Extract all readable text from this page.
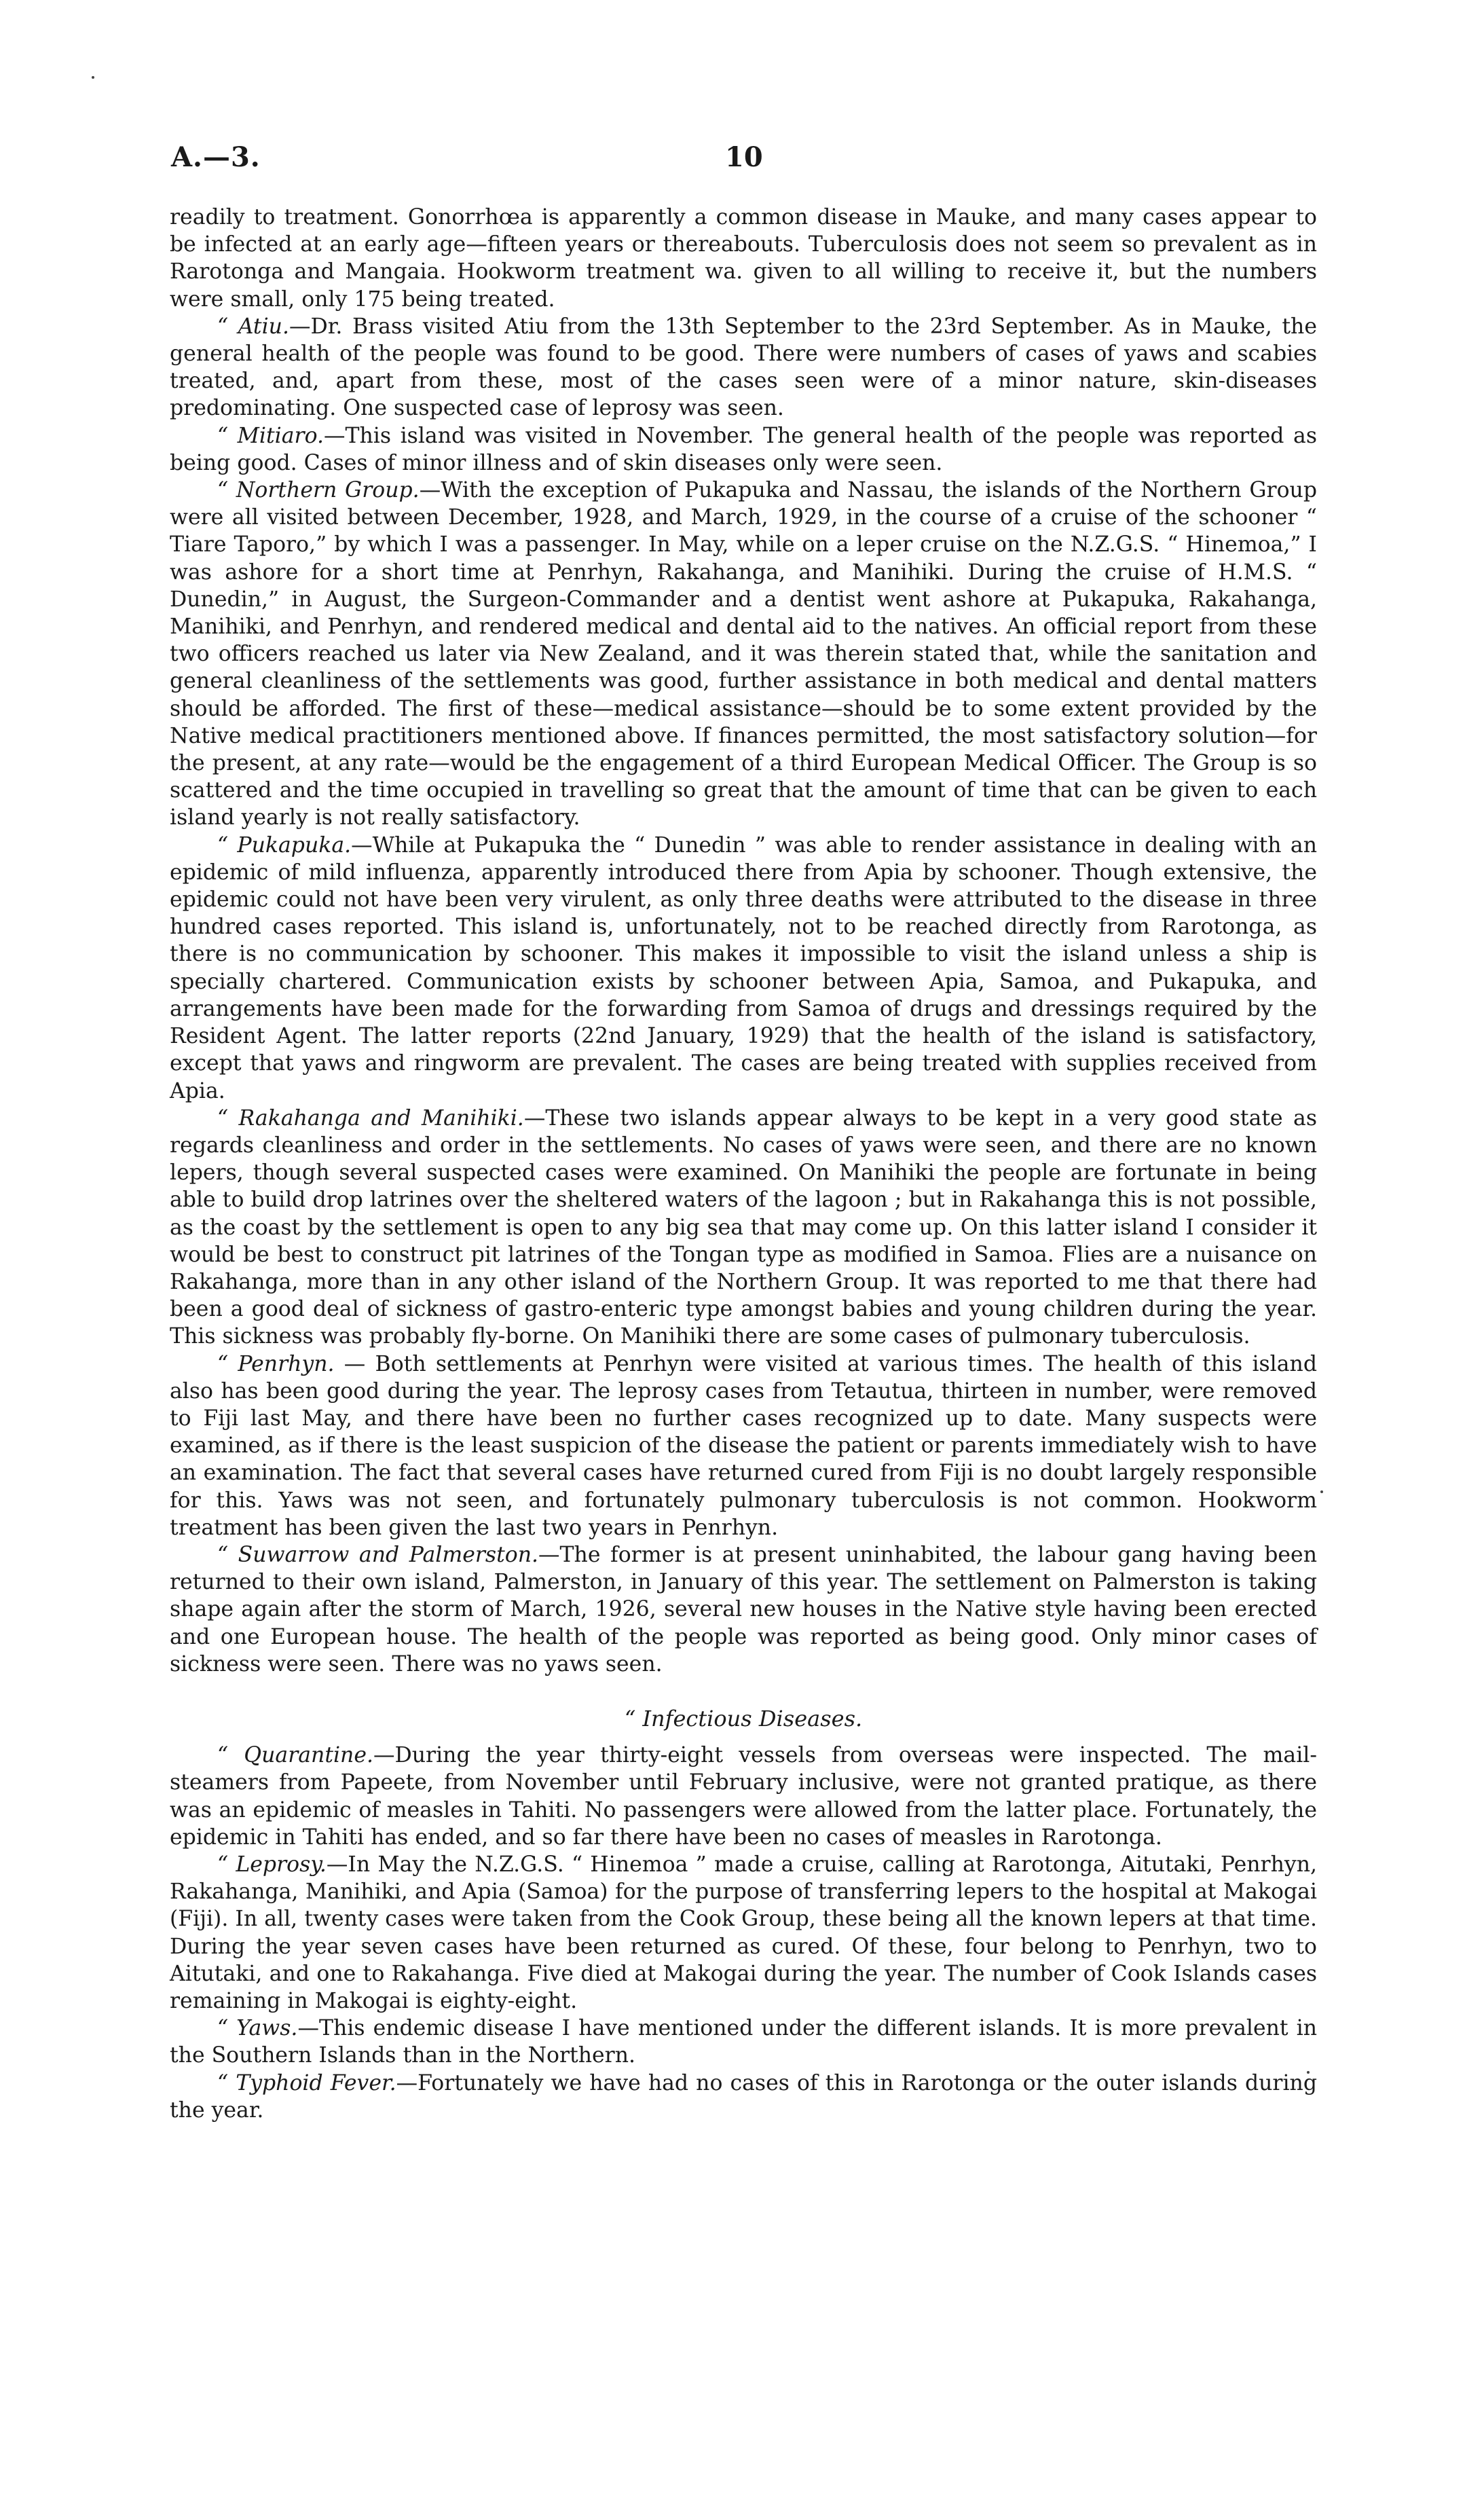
A.—3.	10

readily to treatment. Gonorrhœa is apparently a common disease in Mauke, and many cases appear to be infected at an early age—fifteen years or thereabouts. Tuberculosis does not seem so prevalent as in Rarotonga and Mangaia. Hookworm treatment wa. given to all willing to receive it, but the numbers were small, only 175 being treated.

“ Atiu.—Dr. Brass visited Atiu from the 13th September to the 23rd September. As in Mauke, the general health of the people was found to be good. There were numbers of cases of yaws and scabies treated, and, apart from these, most of the cases seen were of a minor nature, skin-diseases predominating. One suspected case of leprosy was seen.

“ Mitiaro.—This island was visited in November. The general health of the people was reported as being good. Cases of minor illness and of skin diseases only were seen.

“ Northern Group.—With the exception of Pukapuka and Nassau, the islands of the Northern Group were all visited between December, 1928, and March, 1929, in the course of a cruise of the schooner “ Tiare Taporo,” by which I was a passenger. In May, while on a leper cruise on the N.Z.G.S. “ Hinemoa,” I was ashore for a short time at Penrhyn, Rakahanga, and Manihiki. During the cruise of H.M.S. “ Dunedin,” in August, the Surgeon-Commander and a dentist went ashore at Pukapuka, Rakahanga, Manihiki, and Penrhyn, and rendered medical and dental aid to the natives. An official report from these two officers reached us later via New Zealand, and it was therein stated that, while the sanitation and general cleanliness of the settlements was good, further assistance in both medical and dental matters should be afforded. The first of these—medical assistance—should be to some extent provided by the Native medical practitioners mentioned above. If finances permitted, the most satisfactory solution—for the present, at any rate—would be the engagement of a third European Medical Officer. The Group is so scattered and the time occupied in travelling so great that the amount of time that can be given to each island yearly is not really satisfactory.

“ Pukapuka.—While at Pukapuka the “ Dunedin ” was able to render assistance in dealing with an epidemic of mild influenza, apparently introduced there from Apia by schooner. Though extensive, the epidemic could not have been very virulent, as only three deaths were attributed to the disease in three hundred cases reported. This island is, unfortunately, not to be reached directly from Rarotonga, as there is no communication by schooner. This makes it impossible to visit the island unless a ship is specially chartered. Communication exists by schooner between Apia, Samoa, and Pukapuka, and arrangements have been made for the forwarding from Samoa of drugs and dressings required by the Resident Agent. The latter reports (22nd January, 1929) that the health of the island is satisfactory, except that yaws and ringworm are prevalent. The cases are being treated with supplies received from Apia.

“ Rakahanga and Manihiki.—These two islands appear always to be kept in a very good state as regards cleanliness and order in the settlements. No cases of yaws were seen, and there are no known lepers, though several suspected cases were examined. On Manihiki the people are fortunate in being able to build drop latrines over the sheltered waters of the lagoon ; but in Rakahanga this is not possible, as the coast by the settlement is open to any big sea that may come up. On this latter island I consider it would be best to construct pit latrines of the Tongan type as modified in Samoa. Flies are a nuisance on Rakahanga, more than in any other island of the Northern Group. It was reported to me that there had been a good deal of sickness of gastro-enteric type amongst babies and young children during the year. This sickness was probably fly-borne. On Manihiki there are some cases of pulmonary tuberculosis.

“ Penrhyn. — Both settlements at Penrhyn were visited at various times. The health of this island also has been good during the year. The leprosy cases from Tetautua, thirteen in number, were removed to Fiji last May, and there have been no further cases recognized up to date. Many suspects were examined, as if there is the least suspicion of the disease the patient or parents immediately wish to have an examination. The fact that several cases have returned cured from Fiji is no doubt largely responsible for this. Yaws was not seen, and fortunately pulmonary tuberculosis is not common. Hookworm treatment has been given the last two years in Penrhyn.

“ Suwarrow and Palmerston.—The former is at present uninhabited, the labour gang having been returned to their own island, Palmerston, in January of this year. The settlement on Palmerston is taking shape again after the storm of March, 1926, several new houses in the Native style having been erected and one European house. The health of the people was reported as being good. Only minor cases of sickness were seen. There was no yaws seen.

“ Infectious Diseases.

“ Quarantine.—During the year thirty-eight vessels from overseas were inspected. The mail-steamers from Papeete, from November until February inclusive, were not granted pratique, as there was an epidemic of measles in Tahiti. No passengers were allowed from the latter place. Fortunately, the epidemic in Tahiti has ended, and so far there have been no cases of measles in Rarotonga.

“ Leprosy.—In May the N.Z.G.S. “ Hinemoa ” made a cruise, calling at Rarotonga, Aitutaki, Penrhyn, Rakahanga, Manihiki, and Apia (Samoa) for the purpose of transferring lepers to the hospital at Makogai (Fiji). In all, twenty cases were taken from the Cook Group, these being all the known lepers at that time. During the year seven cases have been returned as cured. Of these, four belong to Penrhyn, two to Aitutaki, and one to Rakahanga. Five died at Makogai during the year. The number of Cook Islands cases remaining in Makogai is eighty-eight.

“ Yaws.—This endemic disease I have mentioned under the different islands. It is more prevalent in the Southern Islands than in the Northern.

“ Typhoid Fever.—Fortunately we have had no cases of this in Rarotonga or the outer islands during the year.
